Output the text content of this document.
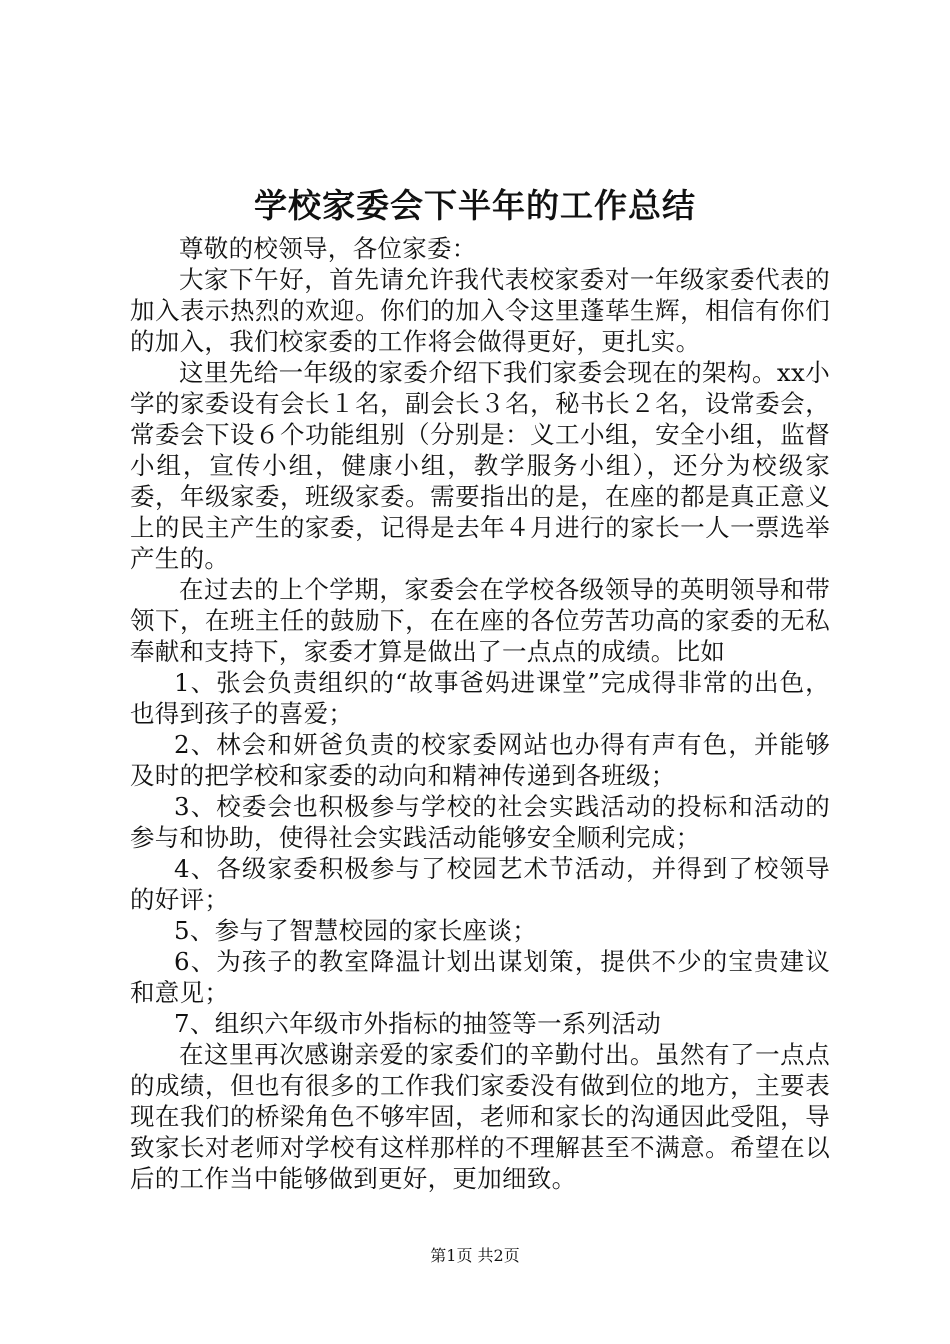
学校家委会下半年的工作总结

尊敬的校领导，各位家委：

大家下午好，首先请允许我代表校家委对一年级家委代表的加入表示热烈的欢迎。你们的加入令这里蓬荜生辉，相信有你们的加入，我们校家委的工作将会做得更好，更扎实。

这里先给一年级的家委介绍下我们家委会现在的架构。xx小学的家委设有会长１名，副会长３名，秘书长２名，设常委会，常委会下设６个功能组别（分别是：义工小组，安全小组，监督小组，宣传小组，健康小组，教学服务小组），还分为校级家委，年级家委，班级家委。需要指出的是，在座的都是真正意义上的民主产生的家委，记得是去年４月进行的家长一人一票选举产生的。

在过去的上个学期，家委会在学校各级领导的英明领导和带领下，在班主任的鼓励下，在在座的各位劳苦功高的家委的无私奉献和支持下，家委才算是做出了一点点的成绩。比如

1、张会负责组织的“故事爸妈进课堂”完成得非常的出色，也得到孩子的喜爱；

2、林会和妍爸负责的校家委网站也办得有声有色，并能够及时的把学校和家委的动向和精神传递到各班级；

3、校委会也积极参与学校的社会实践活动的投标和活动的参与和协助，使得社会实践活动能够安全顺利完成；

4、各级家委积极参与了校园艺术节活动，并得到了校领导的好评；

5、参与了智慧校园的家长座谈；

6、为孩子的教室降温计划出谋划策，提供不少的宝贵建议和意见；

7、组织六年级市外指标的抽签等一系列活动

在这里再次感谢亲爱的家委们的辛勤付出。虽然有了一点点的成绩，但也有很多的工作我们家委没有做到位的地方，主要表现在我们的桥梁角色不够牢固，老师和家长的沟通因此受阻，导致家长对老师对学校有这样那样的不理解甚至不满意。希望在以后的工作当中能够做到更好，更加细致。

第1页 共2页
